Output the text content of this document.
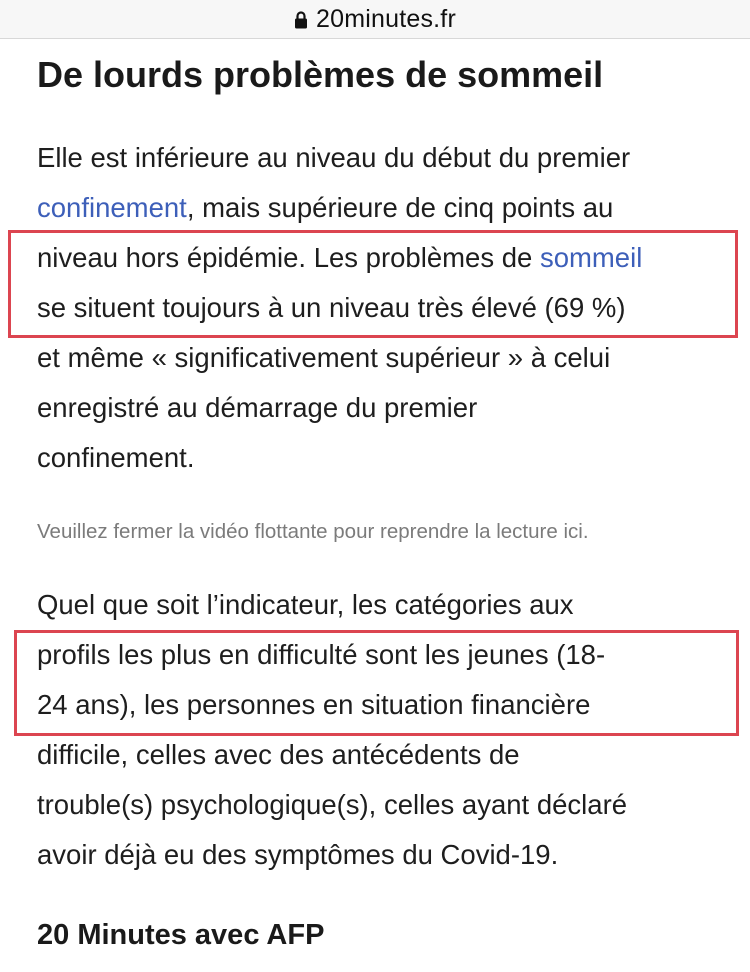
20minutes.fr
De lourds problèmes de sommeil
Elle est inférieure au niveau du début du premier
confinement, mais supérieure de cinq points au
niveau hors épidémie. Les problèmes de sommeil
se situent toujours à un niveau très élevé (69 %)
et même « significativement supérieur » à celui
enregistré au démarrage du premier
confinement.

Veuillez fermer la vidéo flottante pour reprendre la lecture ici.

Quel que soit l’indicateur, les catégories aux
profils les plus en difficulté sont les jeunes (18-
24 ans), les personnes en situation financière
difficile, celles avec des antécédents de
trouble(s) psychologique(s), celles ayant déclaré
avoir déjà eu des symptômes du Covid-19.

20 Minutes avec AFP
